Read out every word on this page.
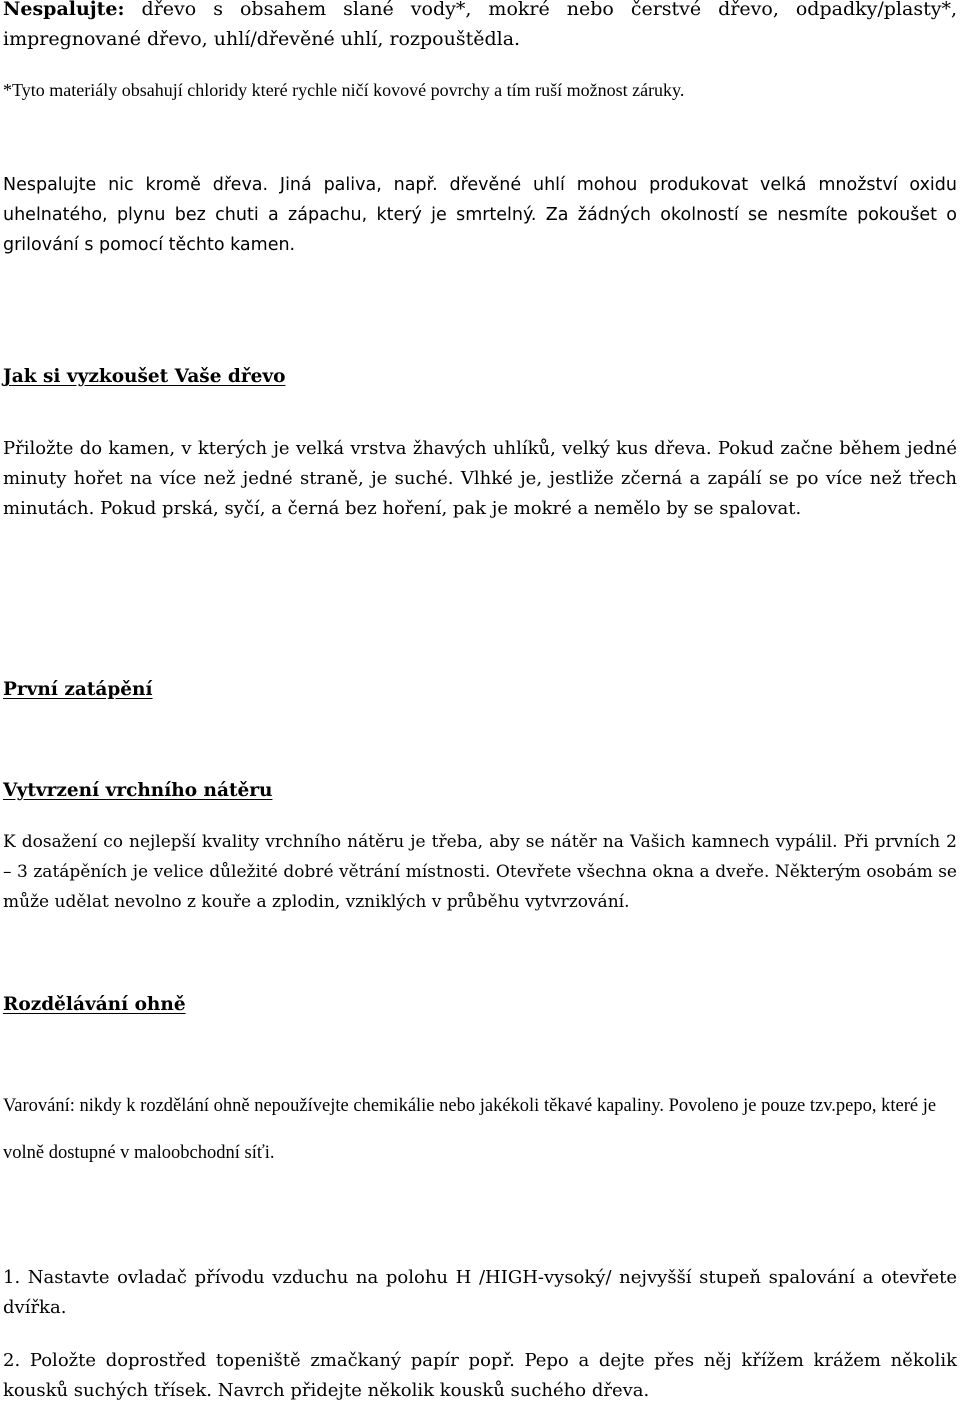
Nespalujte: dřevo s obsahem slané vody*, mokré nebo čerstvé dřevo, odpadky/plasty*, impregnované dřevo, uhlí/dřevěné uhlí, rozpouštědla.

*Tyto materiály obsahují chloridy které rychle ničí kovové povrchy a tím ruší možnost záruky.

Nespalujte nic kromě dřeva. Jiná paliva, např. dřevěné uhlí mohou produkovat velká množství oxidu uhelnatého, plynu bez chuti a zápachu, který je smrtelný. Za žádných okolností se nesmíte pokoušet o grilování s pomocí těchto kamen.

Jak si vyzkoušet Vaše dřevo

Přiložte do kamen, v kterých je velká vrstva žhavých uhlíků, velký kus dřeva. Pokud začne během jedné minuty hořet na více než jedné straně, je suché. Vlhké je, jestliže zčerná a zapálí se po více než třech minutách. Pokud prská, syčí, a černá bez hoření, pak je mokré a nemělo by se spalovat.

První zatápění
Vytvrzení vrchního nátěru

K dosažení co nejlepší kvality vrchního nátěru je třeba, aby se nátěr na Vašich kamnech vypálil. Při prvních 2 – 3 zatápěních je velice důležité dobré větrání místnosti. Otevřete všechna okna a dveře. Některým osobám se může udělat nevolno z kouře a zplodin, vzniklých v průběhu vytvrzování.

Rozdělávání ohně

Varování: nikdy k rozdělání ohně nepoužívejte chemikálie nebo jakékoli těkavé kapaliny. Povoleno je pouze tzv.pepo, které je volně dostupné v maloobchodní síťi.

1. Nastavte ovladač přívodu vzduchu na polohu H /HIGH-vysoký/ nejvyšší stupeň spalování a otevřete dvířka.

2. Položte doprostřed topeniště zmačkaný papír popř. Pepo a dejte přes něj křížem krážem několik kousků suchých třísek. Navrch přidejte několik kousků suchého dřeva.
